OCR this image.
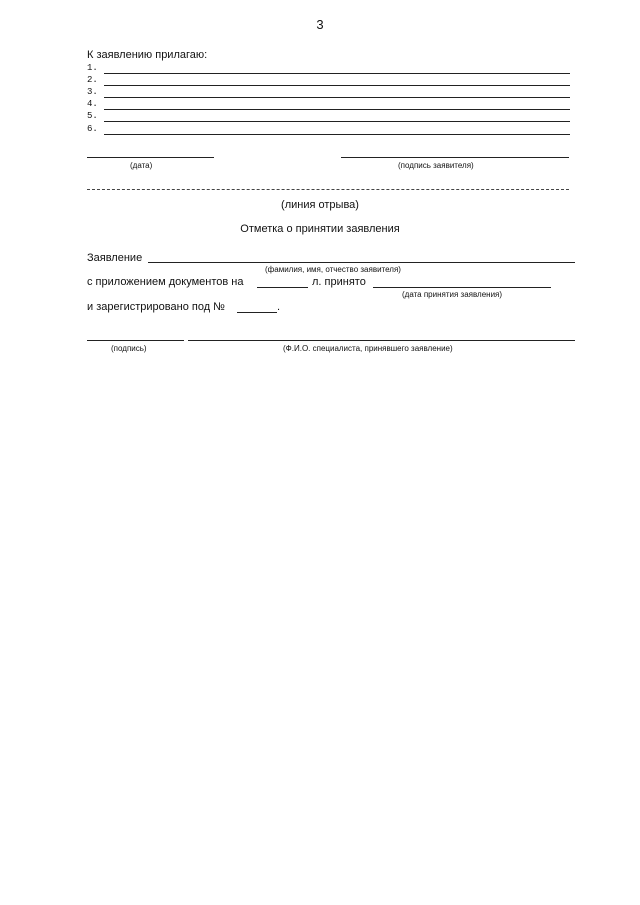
3
К заявлению прилагаю:
1.
2.
3.
4.
5.
6.
(дата)	(подпись заявителя)
(линия отрыва)
Отметка о принятии заявления
Заявление
(фамилия, имя, отчество заявителя)
с приложением документов на	л. принято
(дата принятия заявления)
и зарегистрировано под №	.
(подпись)	(Ф.И.О. специалиста, принявшего заявление)
